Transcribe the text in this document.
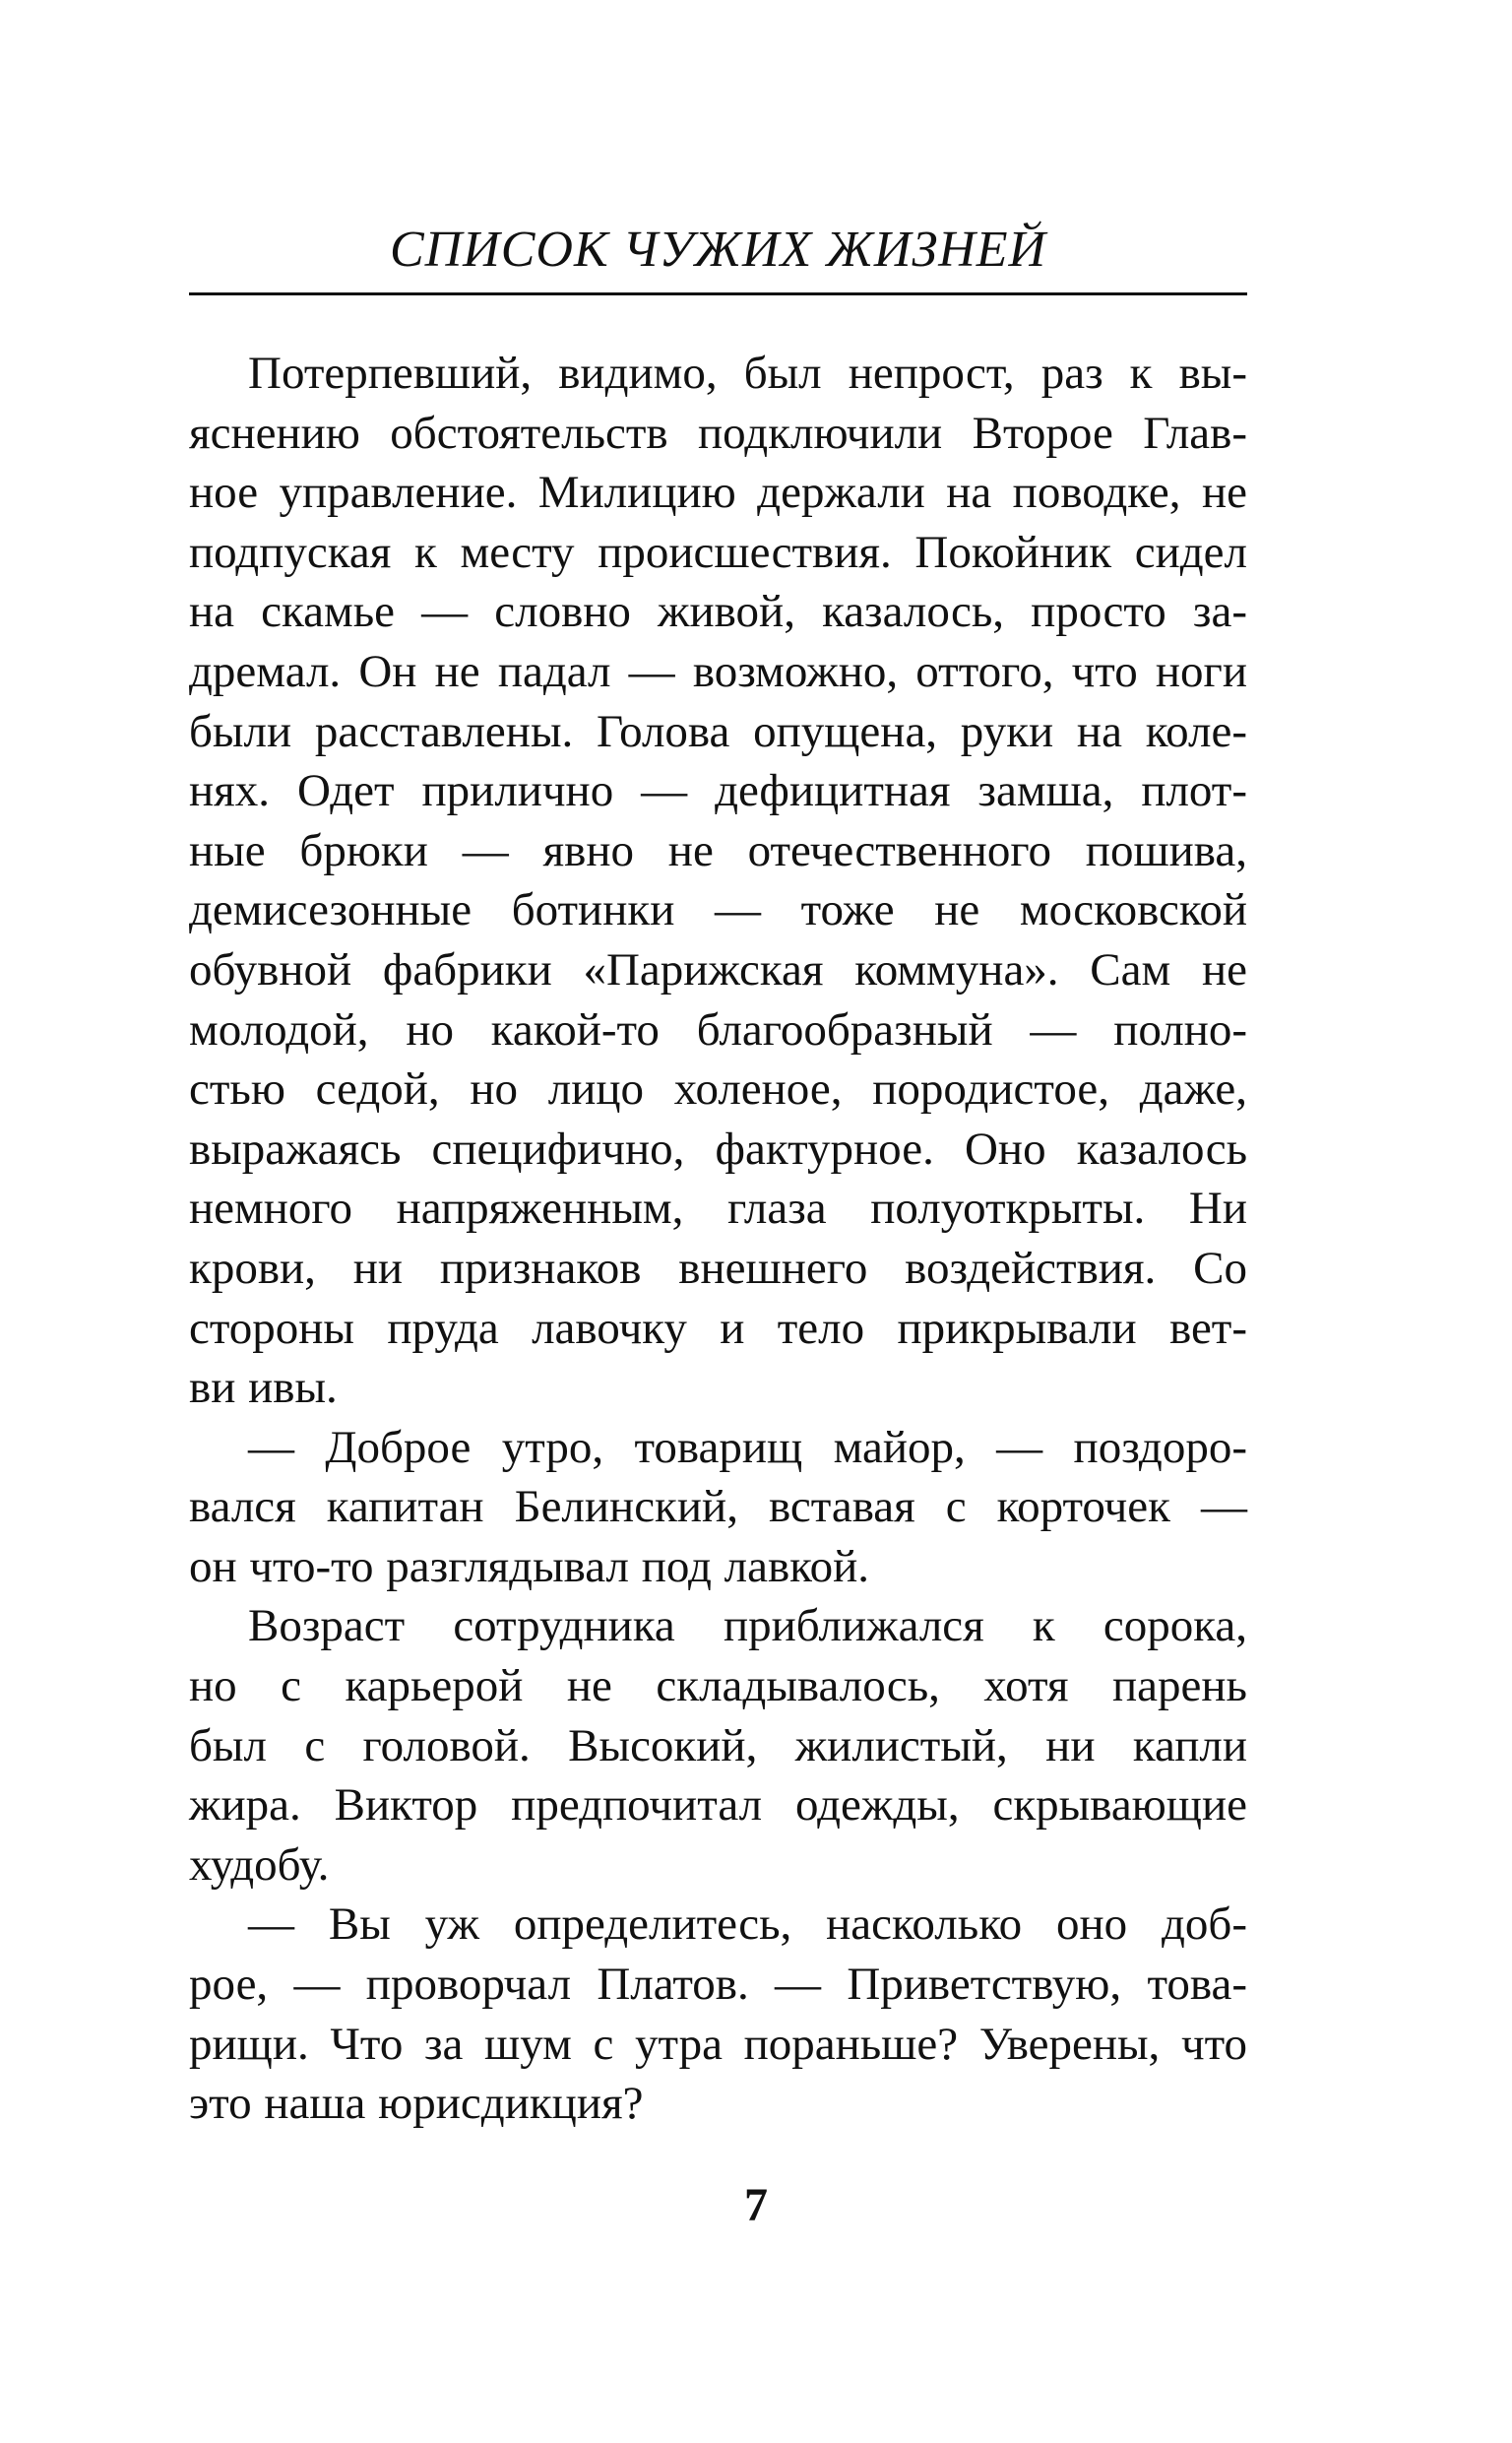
СПИСОК ЧУЖИХ ЖИЗНЕЙ
Потерпевший, видимо, был непрост, раз к вы-
яснению обстоятельств подключили Второе Глав-
ное управление. Милицию держали на поводке, не
подпуская к месту происшествия. Покойник сидел
на скамье — словно живой, казалось, просто за-
дремал. Он не падал — возможно, оттого, что ноги
были расставлены. Голова опущена, руки на коле-
нях. Одет прилично — дефицитная замша, плот-
ные брюки — явно не отечественного пошива,
демисезонные ботинки — тоже не московской
обувной фабрики «Парижская коммуна». Сам не
молодой, но какой-то благообразный — полно-
стью седой, но лицо холеное, породистое, даже,
выражаясь специфично, фактурное. Оно казалось
немного напряженным, глаза полуоткрыты. Ни
крови, ни признаков внешнего воздействия. Со
стороны пруда лавочку и тело прикрывали вет-
ви ивы.
— Доброе утро, товарищ майор, — поздоро-
вался капитан Белинский, вставая с корточек —
он что-то разглядывал под лавкой.
Возраст сотрудника приближался к сорока,
но с карьерой не складывалось, хотя парень
был с головой. Высокий, жилистый, ни капли
жира. Виктор предпочитал одежды, скрывающие
худобу.
— Вы уж определитесь, насколько оно доб-
рое, — проворчал Платов. — Приветствую, това-
рищи. Что за шум с утра пораньше? Уверены, что
это наша юрисдикция?
7
